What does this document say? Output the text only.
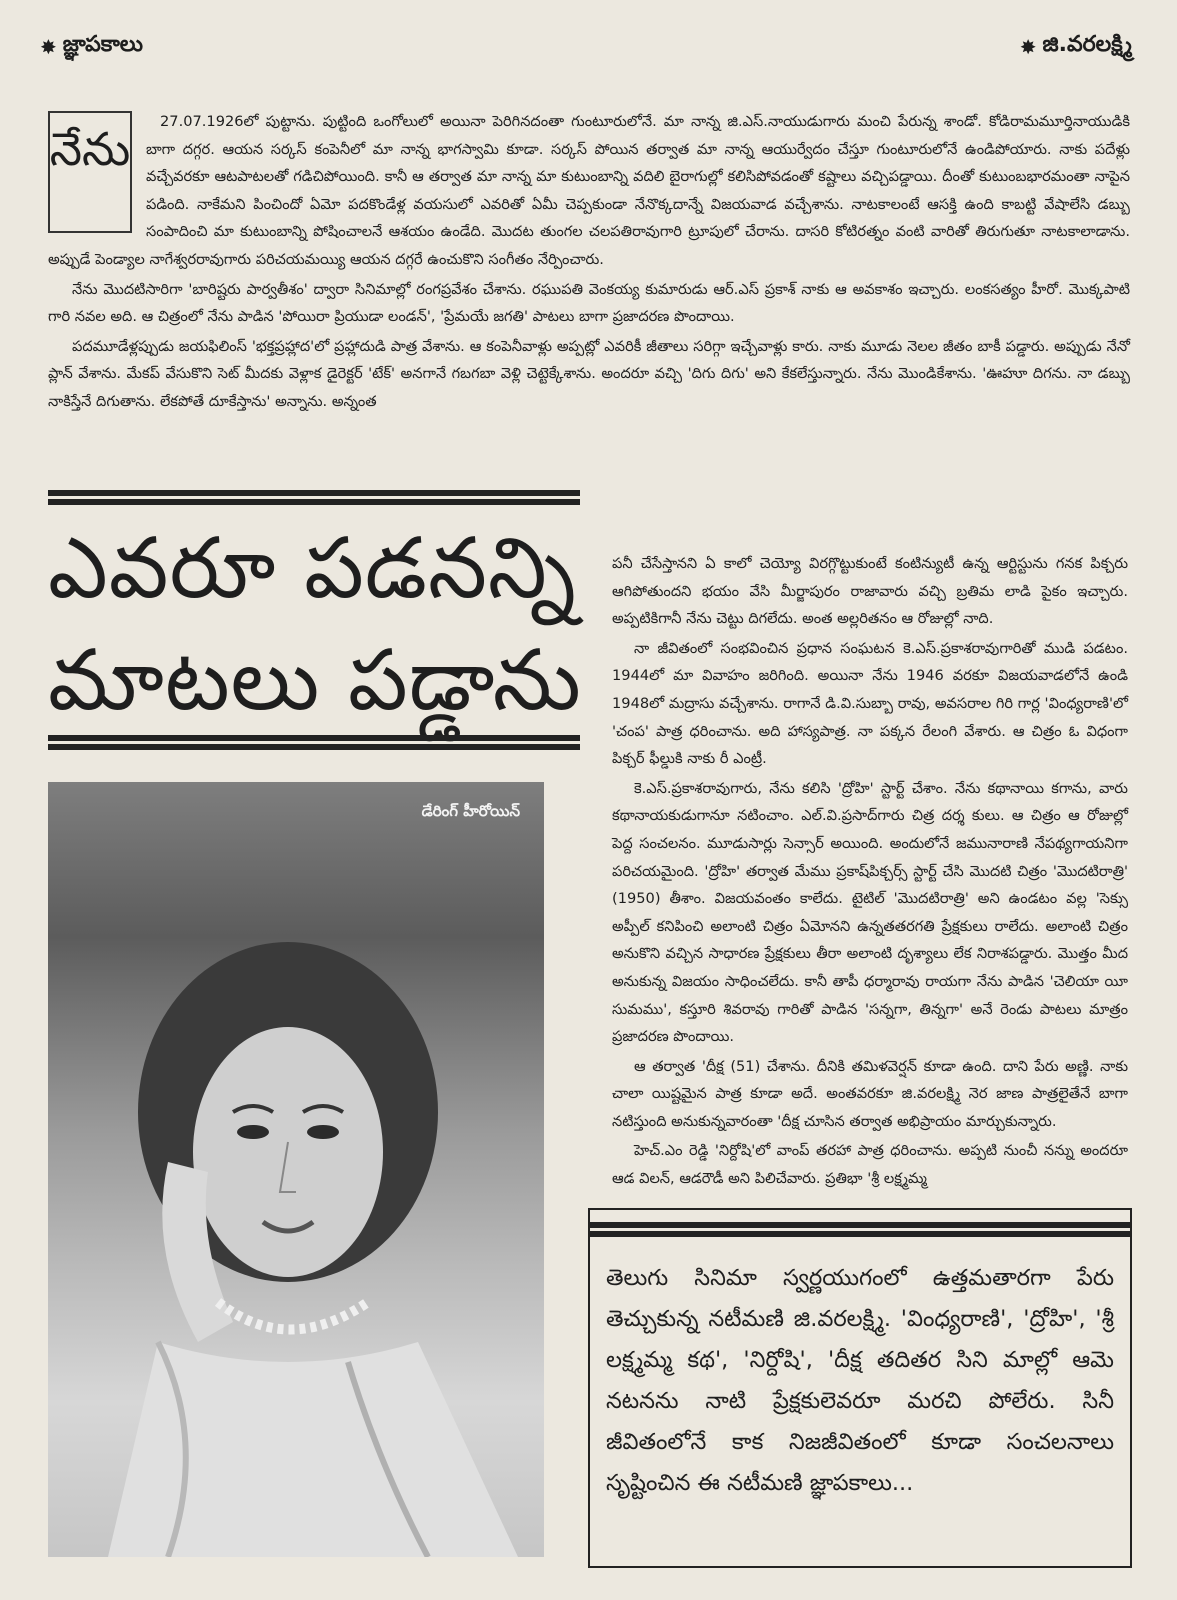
✸ జ్ఞాపకాలు	✸ జి.వరలక్ష్మి
నేను

27.07.1926లో పుట్టాను. పుట్టింది ఒంగోలులో అయినా పెరిగినదంతా గుంటూరులోనే. మా నాన్న జి.ఎస్.నాయుడుగారు మంచి పేరున్న శాండో. కోడిరామమూర్తినాయుడికి బాగా దగ్గర. ఆయన సర్కస్ కంపెనీలో మా నాన్న భాగస్వామి కూడా. సర్కస్ పోయిన తర్వాత మా నాన్న ఆయుర్వేదం చేస్తూ గుంటూరులోనే ఉండిపోయారు. నాకు పదేళ్లు వచ్చేవరకూ ఆటపాటలతో గడిచిపోయింది. కానీ ఆ తర్వాత మా నాన్న మా కుటుంబాన్ని వదిలి బైరాగుల్లో కలిసిపోవడంతో కష్టాలు వచ్చిపడ్డాయి. దీంతో కుటుంబభారమంతా నాపైన పడింది. నాకేమని పించిందో ఏమో పదకొండేళ్ల వయసులో ఎవరితో ఏమీ చెప్పకుండా నేనొక్కదాన్నే విజయవాడ వచ్చేశాను. నాటకాలంటే ఆసక్తి ఉంది కాబట్టి వేషాలేసి డబ్బు సంపాదించి మా కుటుంబాన్ని పోషించాలనే ఆశయం ఉండేది. మొదట తుంగల చలపతిరావుగారి ట్రూపులో చేరాను. దాసరి కోటిరత్నం వంటి వారితో తిరుగుతూ నాటకాలాడాను. అప్పుడే పెండ్యాల నాగేశ్వరరావుగారు పరిచయమయ్యి ఆయన దగ్గరే ఉంచుకొని సంగీతం నేర్పించారు.

నేను మొదటిసారిగా 'బారిష్టరు పార్వతీశం' ద్వారా సినిమాల్లో రంగప్రవేశం చేశాను. రఘుపతి వెంకయ్య కుమారుడు ఆర్.ఎస్ ప్రకాశ్ నాకు ఆ అవకాశం ఇచ్చారు. లంకసత్యం హీరో. మొక్కపాటి గారి నవల అది. ఆ చిత్రంలో నేను పాడిన 'పోయిరా ప్రియుడా లండన్', 'ప్రేమయే జగతి' పాటలు బాగా ప్రజాదరణ పొందాయి.

పదమూడేళ్లప్పుడు జయఫిలింస్ 'భక్తప్రహ్లాద'లో ప్రహ్లాదుడి పాత్ర వేశాను. ఆ కంపెనీవాళ్లు అప్పట్లో ఎవరికీ జీతాలు సరిగ్గా ఇచ్చేవాళ్లు కారు. నాకు మూడు నెలల జీతం బాకీ పడ్డారు. అప్పుడు నేనో ప్లాన్ వేశాను. మేకప్ వేసుకొని సెట్ మీదకు వెళ్లాక డైరెక్టర్ 'టేక్' అనగానే గబగబా వెళ్లి చెట్టెక్కేశాను. అందరూ వచ్చి 'దిగు దిగు' అని కేకలేస్తున్నారు. నేను మొండికేశాను. 'ఊహూ దిగను. నా డబ్బు నాకిస్తేనే దిగుతాను. లేకపోతే దూకేస్తాను' అన్నాను. అన్నంత

ఎవరూ పడనన్ని
మాటలు పడ్డాను
డేరింగ్ హీరోయిన్

పనీ చేసేస్తానని ఏ కాలో చెయ్యో విరగ్గొట్టుకుంటే కంటిన్యుటీ ఉన్న ఆర్టిస్టును గనక పిక్చరు ఆగిపోతుందని భయం వేసి మీర్జాపురం రాజావారు వచ్చి బ్రతిమ లాడి పైకం ఇచ్చారు. అప్పటికిగానీ నేను చెట్టు దిగలేదు. అంత అల్లరితనం ఆ రోజుల్లో నాది.

నా జీవితంలో సంభవించిన ప్రధాన సంఘటన కె.ఎస్.ప్రకాశరావుగారితో ముడి పడటం. 1944లో మా వివాహం జరిగింది. అయినా నేను 1946 వరకూ విజయవాడలోనే ఉండి 1948లో మద్రాసు వచ్చేశాను. రాగానే డి.వి.సుబ్బా రావు, అవసరాల గిరి గార్ల 'వింధ్యరాణి'లో 'చంప' పాత్ర ధరించాను. అది హాస్యపాత్ర. నా పక్కన రేలంగి వేశారు. ఆ చిత్రం ఓ విధంగా పిక్చర్ ఫీల్డుకి నాకు రీ ఎంట్రీ.

కె.ఎస్.ప్రకాశరావుగారు, నేను కలిసి 'ద్రోహి' స్టార్ట్ చేశాం. నేను కథానాయి కగాను, వారు కథానాయకుడుగానూ నటించాం. ఎల్.వి.ప్రసాద్‌గారు చిత్ర దర్శ కులు. ఆ చిత్రం ఆ రోజుల్లో పెద్ద సంచలనం. మూడుసార్లు సెన్సార్ అయింది. అందులోనే జమునారాణి నేపథ్యగాయనిగా పరిచయమైంది. 'ద్రోహి' తర్వాత మేము ప్రకాష్‌పిక్చర్స్ స్టార్ట్ చేసి మొదటి చిత్రం 'మొదటిరాత్రి' (1950) తీశాం. విజయవంతం కాలేదు. టైటిల్ 'మొదటిరాత్రి' అని ఉండటం వల్ల 'సెక్సు అప్పీల్ కనిపించి అలాంటి చిత్రం ఏమోనని ఉన్నతతరగతి ప్రేక్షకులు రాలేదు. అలాంటి చిత్రం అనుకొని వచ్చిన సాధారణ ప్రేక్షకులు తీరా అలాంటి దృశ్యాలు లేక నిరాశపడ్డారు. మొత్తం మీద అనుకున్న విజయం సాధించలేదు. కానీ తాపీ ధర్మారావు రాయగా నేను పాడిన 'చెలియా యీ సుమము', కస్తూరి శివరావు గారితో పాడిన 'సన్నగా, తిన్నగా' అనే రెండు పాటలు మాత్రం ప్రజాదరణ పొందాయి.

ఆ తర్వాత 'దీక్ష (51) చేశాను. దీనికి తమిళవెర్షన్ కూడా ఉంది. దాని పేరు అణ్ణి. నాకు చాలా యిష్టమైన పాత్ర కూడా అదే. అంతవరకూ జి.వరలక్ష్మి నెర జాణ పాత్రలైతేనే బాగా నటిస్తుంది అనుకున్నవారంతా 'దీక్ష చూసిన తర్వాత అభిప్రాయం మార్చుకున్నారు.

హెచ్.ఎం రెడ్డి 'నిర్దోషి'లో వాంప్ తరహా పాత్ర ధరించాను. అప్పటి నుంచీ నన్ను అందరూ ఆడ విలన్, ఆడరౌడీ అని పిలిచేవారు. ప్రతిభా 'శ్రీ లక్ష్మమ్మ

తెలుగు సినిమా స్వర్ణయుగంలో ఉత్తమతారగా పేరు తెచ్చుకున్న నటీమణి జి.వరలక్ష్మి. 'వింధ్యరాణి', 'ద్రోహి', 'శ్రీ లక్ష్మమ్మ కథ', 'నిర్దోషి', 'దీక్ష తదితర సిని మాల్లో ఆమె నటనను నాటి ప్రేక్షకులెవరూ మరచి పోలేరు. సినీ జీవితంలోనే కాక నిజజీవితంలో కూడా సంచలనాలు సృష్టించిన ఈ నటీమణి జ్ఞాపకాలు...
